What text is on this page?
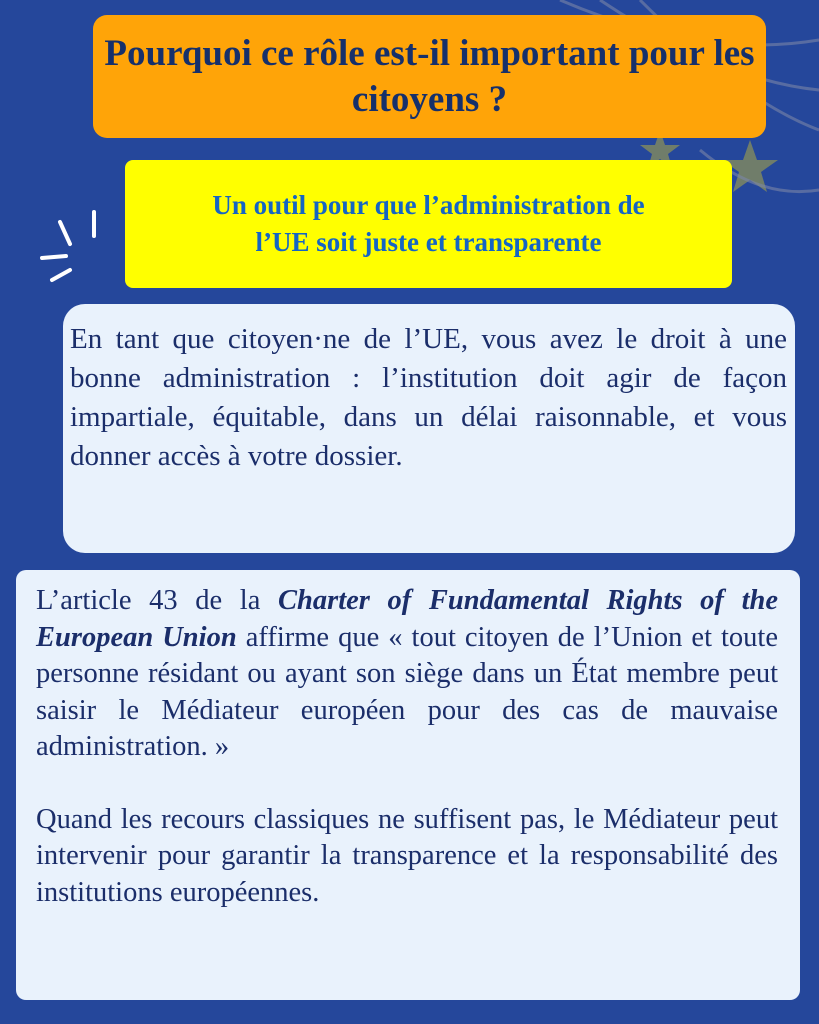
Pourquoi ce rôle est-il important pour les citoyens ?
Un outil pour que l’administration de l’UE soit juste et transparente

En tant que citoyen·ne de l’UE, vous avez le droit à une bonne administration : l’institution doit agir de façon impartiale, équitable, dans un délai raisonnable, et vous donner accès à votre dossier.

L’article 43 de la Charter of Fundamental Rights of the European Union affirme que « tout citoyen de l’Union et toute personne résidant ou ayant son siège dans un État membre peut saisir le Médiateur européen pour des cas de mauvaise administration. »

Quand les recours classiques ne suffisent pas, le Médiateur peut intervenir pour garantir la transparence et la responsabilité des institutions européennes.
